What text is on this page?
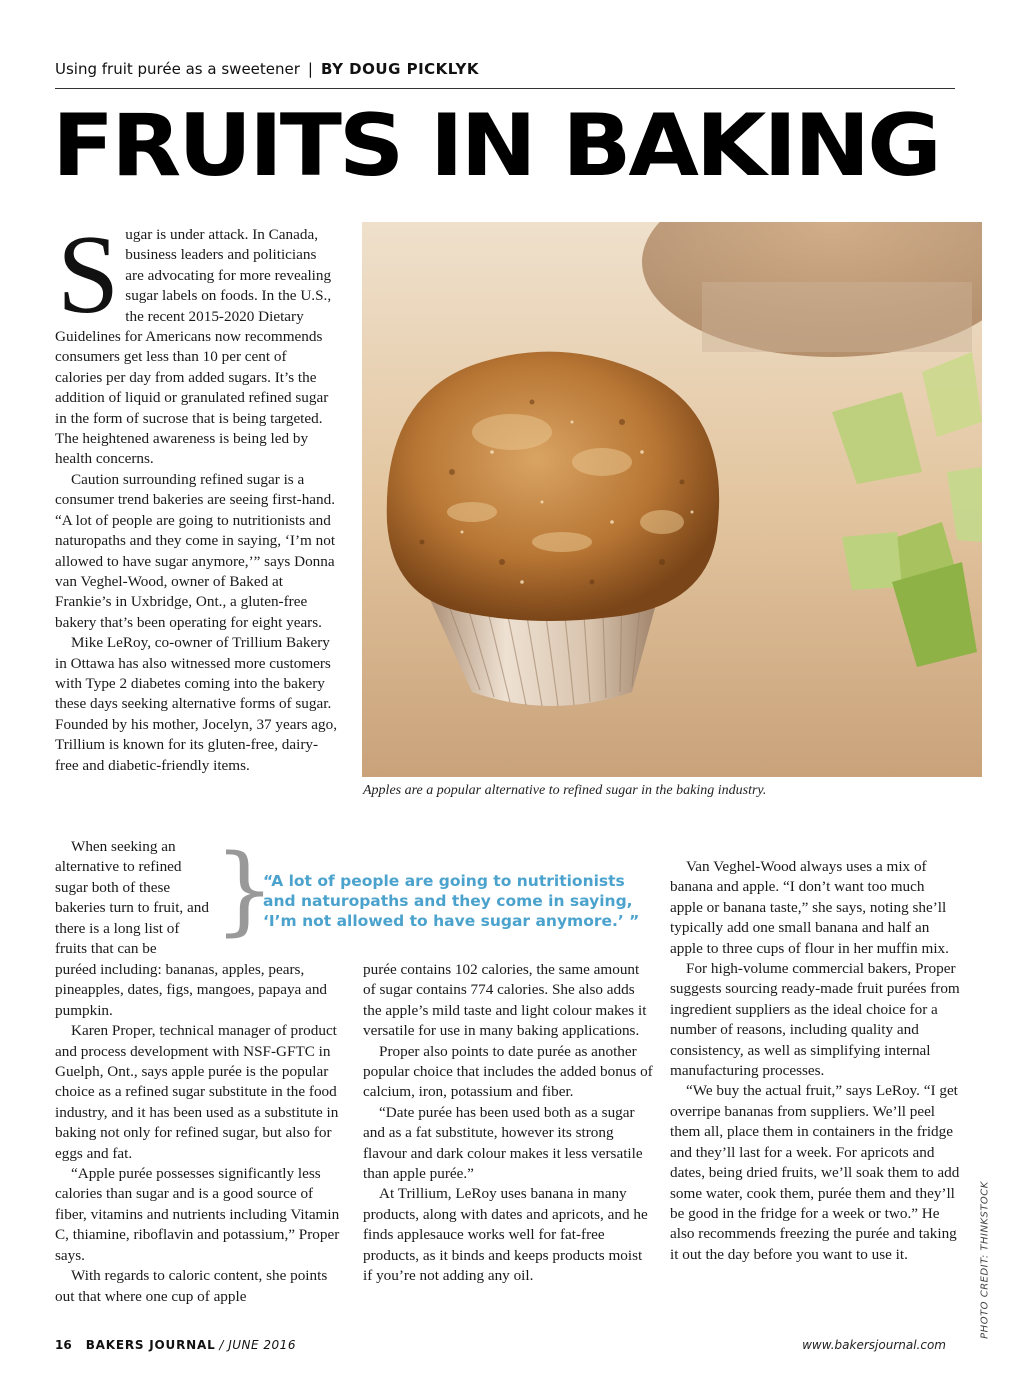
Using fruit purée as a sweetener | BY DOUG PICKLYK
FRUITS IN BAKING
S ugar is under attack. In Canada, business leaders and politicians are advocating for more revealing sugar labels on foods. In the U.S., the recent 2015-2020 Dietary Guidelines for Americans now recommends consumers get less than 10 per cent of calories per day from added sugars. It’s the addition of liquid or granulated refined sugar in the form of sucrose that is being targeted. The heightened awareness is being led by health concerns.

Caution surrounding refined sugar is a consumer trend bakeries are seeing first-hand. “A lot of people are going to nutritionists and naturopaths and they come in saying, ‘I’m not allowed to have sugar anymore,’” says Donna van Veghel-Wood, owner of Baked at Frankie’s in Uxbridge, Ont., a gluten-free bakery that’s been operating for eight years.

Mike LeRoy, co-owner of Trillium Bakery in Ottawa has also witnessed more customers with Type 2 diabetes coming into the bakery these days seeking alternative forms of sugar. Founded by his mother, Jocelyn, 37 years ago, Trillium is known for its gluten-free, dairy-free and diabetic-friendly items.

When seeking an alternative to refined sugar both of these bakeries turn to fruit, and there is a long list of fruits that can be

puréed including: bananas, apples, pears, pineapples, dates, figs, mangoes, papaya and pumpkin.

Karen Proper, technical manager of product and process development with NSF-GFTC in Guelph, Ont., says apple purée is the popular choice as a refined sugar substitute in the food industry, and it has been used as a substitute in baking not only for refined sugar, but also for eggs and fat.

“Apple purée possesses significantly less calories than sugar and is a good source of fiber, vitamins and nutrients including Vitamin C, thiamine, riboflavin and potassium,” Proper says.

With regards to caloric content, she points out that where one cup of apple

purée contains 102 calories, the same amount of sugar contains 774 calories. She also adds the apple’s mild taste and light colour makes it versatile for use in many baking applications.

Proper also points to date purée as another popular choice that includes the added bonus of calcium, iron, potassium and fiber.

“Date purée has been used both as a sugar and as a fat substitute, however its strong flavour and dark colour makes it less versatile than apple purée.”

At Trillium, LeRoy uses banana in many products, along with dates and apricots, and he finds applesauce works well for fat-free products, as it binds and keeps products moist if you’re not adding any oil.

Van Veghel-Wood always uses a mix of banana and apple. “I don’t want too much apple or banana taste,” she says, noting she’ll typically add one small banana and half an apple to three cups of flour in her muffin mix.

For high-volume commercial bakers, Proper suggests sourcing ready-made fruit purées from ingredient suppliers as the ideal choice for a number of reasons, including quality and consistency, as well as simplifying internal manufacturing processes.

“We buy the actual fruit,” says LeRoy. “I get overripe bananas from suppliers. We’ll peel them all, place them in containers in the fridge and they’ll last for a week. For apricots and dates, being dried fruits, we’ll soak them to add some water, cook them, purée them and they’ll be good in the fridge for a week or two.” He also recommends freezing the purée and taking it out the day before you want to use it.

Apples are a popular alternative to refined sugar in the baking industry.
}
“A lot of people are going to nutritionists
and naturopaths and they come in saying,
‘I’m not allowed to have sugar anymore.’ ”
PHOTO CREDIT: THINKSTOCK
16 BAKERS JOURNAL / JUNE 2016	www.bakersjournal.com
